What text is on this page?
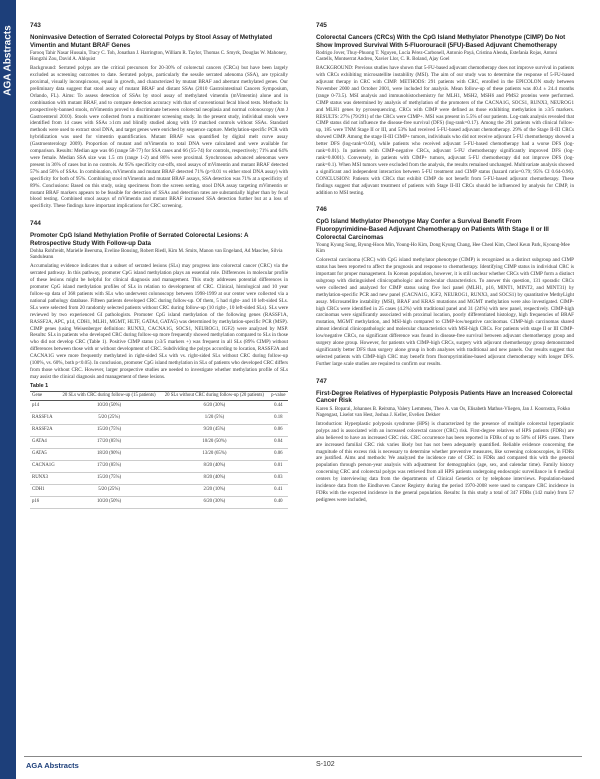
AGA Abstracts	743
Noninvasive Detection of Serrated Colorectal Polyps by Stool Assay of Methylated Vimentin and Mutant BRAF Genes
Farooq Tahir Nasar Hussain, Tracy C. Toh, Jonathan J. Harrington, William R. Taylor, Thomas C. Smyrk, Douglas W. Mahoney, Hongzhi Zou, David A. Ahlquist
Background: Serrated polyps are the critical precursors for 20-30% of colorectal cancers (CRCs) but have been largely excluded as screening outcomes to date. Serrated polyps, particularly the sessile serrated adenoma (SSA), are typically proximal, visually inconspicuous, equal in growth, and characterized by mutant BRAF and aberrant methylated genes. Our preliminary data suggest that stool assay of mutant BRAF and distant SSAs (2010 Gastrointestinal Cancers Symposium, Orlando, FL). Aims: To assess detection of SSAs by stool assay of methylated vimentin (mVimentin) alone and in combination with mutant BRAF, and to compare detection accuracy with that of conventional fecal blood tests. Methods: In prospectively-banned stools, mVimentin proved to discriminate between colorectal neoplasia and normal colonoscopy (Am J Gastroenterol 2010). Stools were collected from a multicenter screening study. In the present study, individual stools were identified from 14 cases with SSAs ≥1cm and blindly studied along with 19 matched controls without SSAs. Standard methods were used to extract stool DNA, and target genes were enriched by sequence capture. Methylation-specific PCR with hybridization was used for vimentin quantification. Mutant BRAF was quantified by digital melt curve assay (Gastroenterology 2009). Proportion of mutant and mVimentin to total DNA were calculated and were available for comparison. Results: Median age was 66 (range 58-77) for SSA cases and 66 (55-74) for controls, respectively; 71% and 64% were female. Median SSA size was 1.5 cm (range 1-2) and 86% were proximal. Synchronous advanced adenomas were present in 36% of cases but in no controls. At 95% specificity cut-offs, stool assays of mVimentin and mutant BRAF detected 57% and 50% of SSAs. In combination, mVimentin and mutant BRAF detected 71% (p<0.01 vs either stool DNA assay) with specificity for both of 95%. Combining stool mVimentin and mutant BRAF assays, SSA detection was 71% at a specificity of 89%. Conclusions: Based on this study, using specimens from the screen setting, stool DNA assay targeting mVimentin or mutant BRAF markers appears to be feasible for detection of SSAs and detection rates are substantially higher than by fecal blood testing. Combined stool assays of mVimentin and mutant BRAF increased SSA detection further but at a loss of specificity. These findings have important implications for CRC screening.
744
Promoter CpG Island Methylation Profile of Serrated Colorectal Lesions: A Retrospective Study With Follow-up Data
Dohha Rohfreidt, Marielle Beersma, Eveline Bonsing, Robert Riedl, Kim M. Smits, Manon van Engeland, Ad Masclee, Silvia Sanduleanu
Accumulating evidence indicates that a subset of serrated lesions (SLs) may progress into colorectal cancer (CRC) via the serrated pathway. In this pathway, promoter CpG island methylation plays an essential role. Differences in molecular profile of these lesions might be helpful for clinical diagnosis and management. This study addresses potential differences in promoter CpG island methylation profiles of SLs in relation to development of CRC. Clinical, histological and 10 year follow-up data of 368 patients with SLs who underwent colonoscopy between 1998-1999 at our center were collected via a national pathology database. Fifteen patients developed CRC during follow-up. Of them, 5 had right- and 10 left-sided SLs. SLs were selected from 20 randomly selected patients without CRC during follow-up (10 right-, 10 left-sided SLs). SLs were reviewed by two experienced GI pathologists. Promoter CpG island methylation of the following genes (RASSF1A, RASSF2A, APC, p14, CDH1, MLH1, MGMT, HLTF, GATA4, GATA5) was determined by methylation-specific PCR (MSP). CIMP genes (using Weisenberger definition: RUNX3, CACNA1G, SOCS1, NEUROG1, IGF2) were analyzed by MSP. Results: SLs in patients who developed CRC during follow-up more frequently showed methylation compared to SLs in those who did not develop CRC (Table 1). Positive CIMP status (≥3/5 markers +) was frequent in all SLs (89% CIMP) without differences between those with or without development of CRC. Subdividing the polyps according to location, RASSF2A and CACNA1G were more frequently methylated in right-sided SLs with vs. right-sided SLs without CRC during follow-up (100%, vs. 60%, both p<0.05). In conclusion, promoter CpG island methylation in SLs of patients who developed CRC differs from those without CRC. However, larger prospective studies are needed to investigate whether methylation profile of SLs may assist the clinical diagnosis and management of these lesions.
Table 1
Gene	20 SLs with CRC during follow-up (15 patients)	20 SLs without CRC during follow-up (20 patients)	p-value
p14	10/20 (50%)	6/20 (30%)	0.44
RASSF1A	5/20 (25%)	1/20 (5%)	0.18
RASSF2A	15/20 (75%)	9/20 (45%)	0.06
GATA4	17/20 (85%)	10/20 (50%)	0.04
GATA5	18/20 (90%)	13/20 (65%)	0.06
CACNA1G	17/20 (85%)	8/20 (40%)	0.01
RUNX3	15/20 (75%)	8/20 (40%)	0.03
CDH1	5/20 (25%)	2/20 (10%)	0.41
p16	10/20 (50%)	6/20 (30%)	0.40
745
Colorectal Cancers (CRCs) With the CpG Island Methylator Phenotype (CIMP) Do Not Show Improved Survival With 5-Fluorouracil (5FU)-Based Adjuvant Chemotherapy
Rodrigo Jover, Thuy-Phuong T. Nguyen, Lucía Pérez-Carbonell, Antonio Payá, Cristina Alenda, Estefanía Rojas, Antoni Castells, Montserrat Andreu, Xavier Llor, C. R. Boland, Ajay Goel
BACKGROUND: Previous studies have shown that 5-FU-based adjuvant chemotherapy does not improve survival in patients with CRCs exhibiting microsatellite instability (MSI). The aim of our study was to determine the response of 5-FU-based adjuvant therapy in CRC with CIMP. METHODS: 291 patients with CRC, enrolled in the EPICOLON study between November 2000 and October 2001, were included for analysis. Mean follow-up of these patients was 40.4 ± 24.4 months (range 0-73.5). MSI analysis and immunohistochemistry for MLH1, MSH2, MSH6 and PMS2 proteins were performed. CIMP status was determined by analysis of methylation of the promoters of the CACNA1G, SOCS1, RUNX3, NEUROG1 and MLH1 genes by pyrosequencing. CRCs with CIMP were defined as those exhibiting methylation in ≥3/5 markers. RESULTS: 27% (79/291) of the CRCs were CIMP+. MSI was present in 5.5% of our patients. Log-rank analysis revealed that CIMP status did not influence the disease-free survival (DFS) (log-rank=0.17). Among the 291 patients with clinical follow-up, 185 were TNM Stage II or III, and 53% had received 5-FU-based adjuvant chemotherapy. 29% of the Stage II-III CRCs showed CIMP. Among the stage II-III CIMP+ tumors, individuals who did not receive adjuvant 5-FU chemotherapy showed a better DFS (log-rank=0.04), while patients who received adjuvant 5-FU-based chemotherapy had a worse DFS (log-rank=0.01). In patients with CIMP-negative CRCs, adjuvant 5-FU chemotherapy significantly improved DFS (log-rank=0.0001). Conversely, in patients with CIMP+ tumors, adjuvant 5-FU chemotherapy did not improve DFS (log-rank=0.1). When MSI tumors were excluded from the analysis, the results remained unchanged. Multivariate analysis showed a significant and independent interaction between 5-FU treatment and CIMP status (hazard ratio=0.79; 95% CI 0.64-0.96). CONCLUSION: Patients with CRCs that exhibit CIMP do not benefit from 5-FU-based adjuvant chemotherapy. These findings suggest that adjuvant treatment of patients with Stage II-III CRCs should be influenced by analysis for CIMP, in addition to MSI testing.
746
CpG Island Methylator Phenotype May Confer a Survival Benefit From Fluoropyrimidine-Based Adjuvant Chemotherapy on Patients With Stage II or III Colorectal Carcinomas
Young Kyung Sung, Byung-Hoon Min, Young-Ho Kim, Dong Kyung Chang, Hee Cheol Kim, Cheol Keun Park, Kyoung-Mee Kim
Colorectal carcinoma (CRC) with CpG island methylator phenotype (CIMP) is recognized as a distinct subgroup and CIMP status has been reported to affect the prognosis and response to chemotherapy. Identifying CIMP status in individual CRC is important for proper management. In Korean population, however, it is still unclear whether CRCs with CIMP form a distinct subgroup with distinguished clinicopathologic and molecular characteristics. To answer this question, 131 sporadic CRCs were collected and analyzed for CIMP status using five loci panel (MLH1, p16, MINT1, MINT2, and MINT31) by methylation-specific PCR and new panel (CACNA1G, IGF2, NEUROG1, RUNX3, and SOCS1) by quantitative MethyLight assay. Microsatellite instability (MSI), BRAF and KRAS mutations and MGMT methylation were also investigated. CIMP-high CRCs were identified in 25 cases (4.2%) with traditional panel and 31 (24%) with new panel, respectively. CIMP-high carcinomas were significantly associated with proximal location, poorly differentiated histology, high frequencies of BRAF mutation, MGMT methylation, and MSI-high compared to CIMP-low/negative carcinomas. CIMP-high carcinomas shared almost identical clinicopathologic and molecular characteristics with MSI-high CRCs. For patients with stage II or III CIMP-low/negative CRCs, no significant difference was found in disease-free survival between adjuvant chemotherapy group and surgery alone group. However, for patients with CIMP-high CRCs, surgery with adjuvant chemotherapy group demonstrated significantly better DFS than surgery alone group in both analyses with traditional and new panels. Our results suggest that selected patients with CIMP-high CRC may benefit from fluoropyrimidine-based adjuvant chemotherapy with longer DFS. Further large scale studies are required to confirm our results.
747
First-Degree Relatives of Hyperplastic Polyposis Patients Have an Increased Colorectal Cancer Risk
Karen S. Boparai, Johannes B. Reitsma, Valery Lemmens, Theo A. van Os, Elisabeth Mathus-Vliegen, Jan J. Koornstra, Fokko Nagengast, Liselot van Hest, Joshua J. Keller, Evelien Dekker
Introduction: Hyperplastic polyposis syndrome (HPS) is characterized by the presence of multiple colorectal hyperplastic polyps and is associated with an increased colorectal cancer (CRC) risk. First-degree relatives of HPS patients (FDRs) are also believed to have an increased CRC risk. CRC occurrence has been reported in FDRs of up to 50% of HPS cases. There are increased familial CRC risk varies likely but has not been adequately quantified. Reliable evidence concerning the magnitude of this excess risk is necessary to determine whether preventive measures, like screening colonoscopies, in FDRs are justified. Aims and methods: We analyzed the incidence rate of CRC in FDRs and compared this with the general population through person-year analysis with adjustment for demographics (age, sex, and calendar time). Family history concerning CRC and colorectal polyps was retrieved from all HPS patients undergoing endoscopic surveillance in 6 medical centers by interviewing data from the departments of Clinical Genetics or by telephone interviews. Population-based incidence data from the Eindhoven Cancer Registry during the period 1970-2008 were used to compare CRC incidence in FDRs with the expected incidence in the general population. Results: In this study a total of 347 FDRs (142 male) from 57 pedigrees were included,
AGA Abstracts	S-102
